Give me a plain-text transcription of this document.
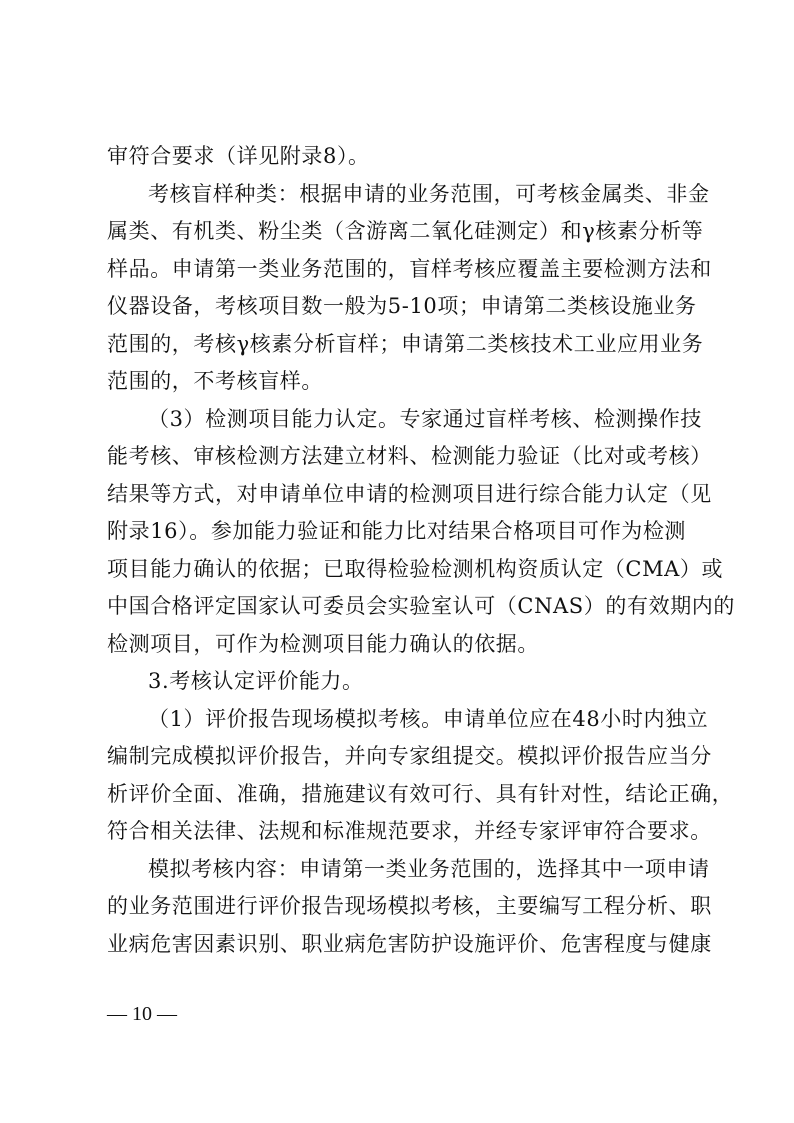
审符合要求（详见附录8）。
考核盲样种类：根据申请的业务范围，可考核金属类、非金
属类、有机类、粉尘类（含游离二氧化硅测定）和γ核素分析等
样品。申请第一类业务范围的，盲样考核应覆盖主要检测方法和
仪器设备，考核项目数一般为5-10项；申请第二类核设施业务
范围的，考核γ核素分析盲样；申请第二类核技术工业应用业务
范围的，不考核盲样。
（3）检测项目能力认定。专家通过盲样考核、检测操作技
能考核、审核检测方法建立材料、检测能力验证（比对或考核）
结果等方式，对申请单位申请的检测项目进行综合能力认定（见
附录16）。参加能力验证和能力比对结果合格项目可作为检测
项目能力确认的依据；已取得检验检测机构资质认定（CMA）或
中国合格评定国家认可委员会实验室认可（CNAS）的有效期内的
检测项目，可作为检测项目能力确认的依据。
3.考核认定评价能力。
（1）评价报告现场模拟考核。申请单位应在48小时内独立
编制完成模拟评价报告，并向专家组提交。模拟评价报告应当分
析评价全面、准确，措施建议有效可行、具有针对性，结论正确，
符合相关法律、法规和标准规范要求，并经专家评审符合要求。
模拟考核内容：申请第一类业务范围的，选择其中一项申请
的业务范围进行评价报告现场模拟考核，主要编写工程分析、职
业病危害因素识别、职业病危害防护设施评价、危害程度与健康
— 10 —
